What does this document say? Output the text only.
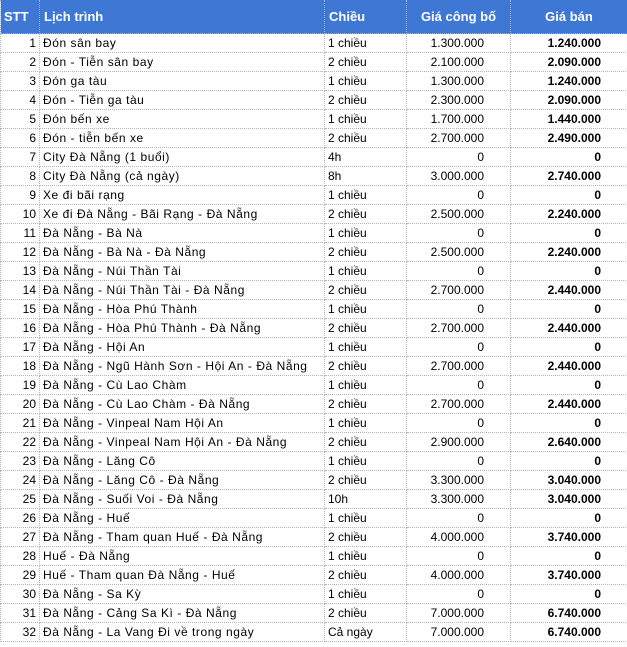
STT	Lịch trình	Chiều	Giá công bố	Giá bán
1	Đón sân bay	1 chiều	1.300.000	1.240.000
2	Đón - Tiễn sân bay	2 chiều	2.100.000	2.090.000
3	Đón ga tàu	1 chiều	1.300.000	1.240.000
4	Đón - Tiễn ga tàu	2 chiều	2.300.000	2.090.000
5	Đón bến xe	1 chiều	1.700.000	1.440.000
6	Đón - tiễn bến xe	2 chiều	2.700.000	2.490.000
7	City Đà Nẵng (1 buổi)	4h	0	0
8	City Đà Nẵng (cả ngày)	8h	3.000.000	2.740.000
9	Xe đi bãi rạng	1 chiều	0	0
10	Xe đi Đà Nẵng - Bãi Rạng - Đà Nẵng	2 chiều	2.500.000	2.240.000
11	Đà Nẵng - Bà Nà	1 chiều	0	0
12	Đà Nẵng - Bà Nà - Đà Nẵng	2 chiều	2.500.000	2.240.000
13	Đà Nẵng - Núi Thần Tài	1 chiều	0	0
14	Đà Nẵng - Núi Thần Tài - Đà Nẵng	2 chiều	2.700.000	2.440.000
15	Đà Nẵng - Hòa Phú Thành	1 chiều	0	0
16	Đà Nẵng - Hòa Phú Thành - Đà Nẵng	2 chiều	2.700.000	2.440.000
17	Đà Nẵng - Hội An	1 chiều	0	0
18	Đà Nẵng - Ngũ Hành Sơn - Hội An - Đà Nẵng	2 chiều	2.700.000	2.440.000
19	Đà Nẵng - Cù Lao Chàm	1 chiều	0	0
20	Đà Nẵng - Cù Lao Chàm - Đà Nẵng	2 chiều	2.700.000	2.440.000
21	Đà Nẵng - Vinpeal Nam Hội An	1 chiều	0	0
22	Đà Nẵng - Vinpeal Nam Hội An - Đà Nẵng	2 chiều	2.900.000	2.640.000
23	Đà Nẵng - Lăng Cô	1 chiều	0	0
24	Đà Nẵng - Lăng Cô - Đà Nẵng	2 chiều	3.300.000	3.040.000
25	Đà Nẵng - Suối Voi - Đà Nẵng	10h	3.300.000	3.040.000
26	Đà Nẵng - Huế	1 chiều	0	0
27	Đà Nẵng - Tham quan Huế - Đà Nẵng	2 chiều	4.000.000	3.740.000
28	Huế - Đà Nẵng	1 chiều	0	0
29	Huế - Tham quan Đà Nẵng - Huế	2 chiều	4.000.000	3.740.000
30	Đà Nẵng - Sa Kỳ	1 chiều	0	0
31	Đà Nẵng - Cảng Sa Kì - Đà Nẵng	2 chiều	7.000.000	6.740.000
32	Đà Nẵng - La Vang Đi về trong ngày	Cả ngày	7.000.000	6.740.000
